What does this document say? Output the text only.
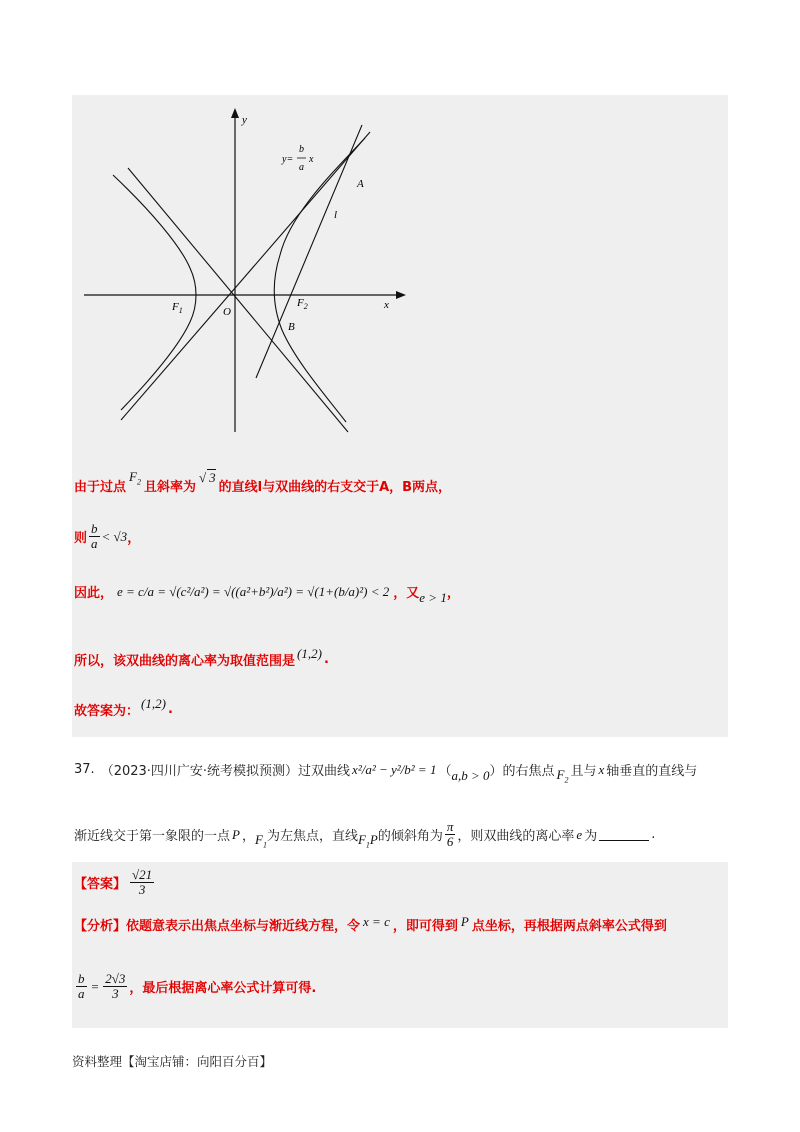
y
x
O
$F_1$
$F_2$
A
B
l
y=
b
a
x
由于过点
$F_2$ 且斜率为
√ 3
的直线l与双曲线的右支交于A，B两点，
则 $\frac{b}{a} < √3$ ，
因此， e = c/a = √(c²/a²) = √((a²+b²)/a²) = √(1+(b/a)²) < 2 ，又 e > 1 ，
所以，该双曲线的离心率为取值范围是
(1,2) .
故答案为：
(1,2) .
37. （2023·四川广安·统考模拟预测）过双曲线 x²/a² − y²/b² = 1 （ a,b > 0 ）的右焦点 $F_2$
且与 x 轴垂直的直线与
渐近线交于第一象限的一点 P ， $F_1$
为左焦点，直线 $F_1P$ 的倾斜角为 $\frac{\pi}{6}$ ，则双曲线的离心率 e 为	.
【答案】 $\frac{√21}{3}$
【分析】 依题意表示出焦点坐标与渐近线方程，令 x = c ，即可得到 P 点坐标，再根据两点斜率公式得到
$\frac{b}{a} = \frac{2√3}{3}$ ，最后根据离心率公式计算可得.
资料整理【淘宝店铺：向阳百分百】
